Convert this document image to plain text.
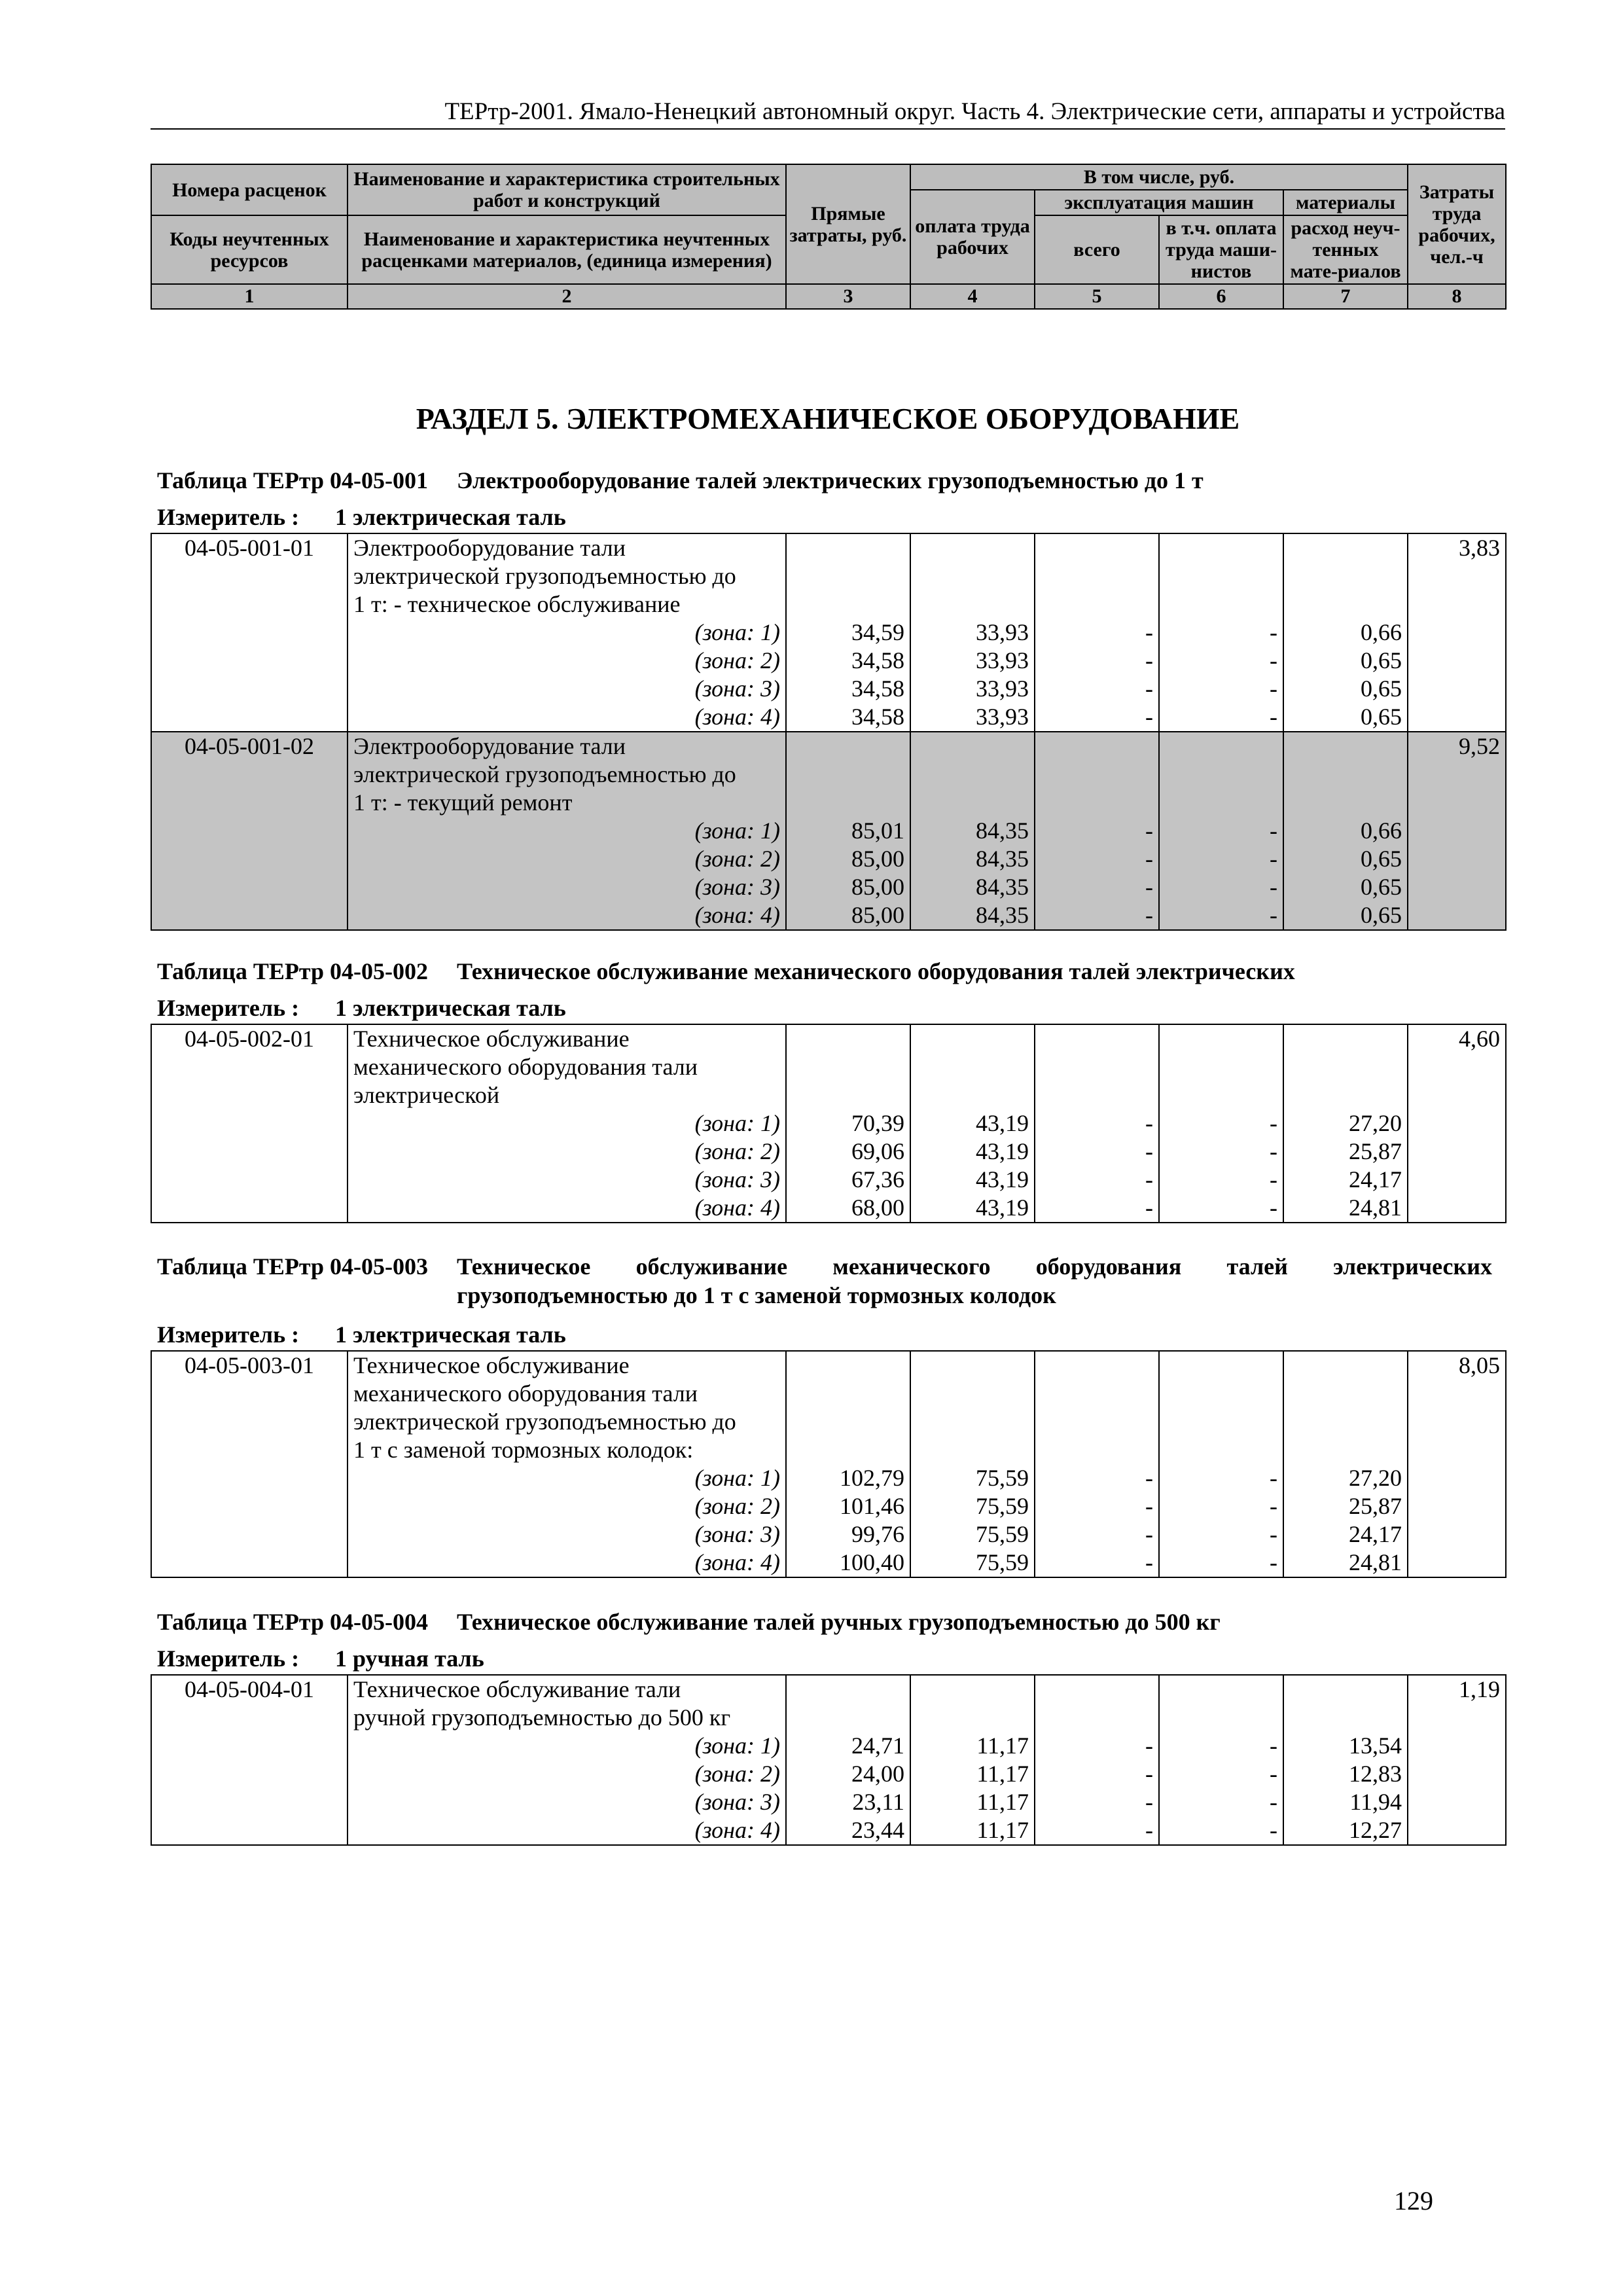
ТЕРтр-2001. Ямало-Ненецкий автономный округ. Часть 4. Электрические сети, аппараты и устройства
Номера расценок	Наименование и характеристика строительных работ и конструкций	Прямые затраты, руб.	В том числе, руб.				Затраты труда рабочих, чел.-ч
			оплата труда рабочих	эксплуатация машин		материалы	
Коды неучтенных ресурсов	Наименование и характеристика неучтенных расценками материалов, (единица измерения)			всего	в т.ч. оплата труда маши-нистов	расход неуч-тенных мате-риалов	

1	2	3	4	5	6	7	8
РАЗДЕЛ 5. ЭЛЕКТРОМЕХАНИЧЕСКОЕ ОБОРУДОВАНИЕ
Таблица ТЕРтр 04-05-001 Электрооборудование талей электрических грузоподъемностью до 1 т
Измеритель :	1 электрическая таль
04-05-001-01	Электрооборудование тали						3,83
	электрической грузоподъемностью до						
	1 т: - техническое обслуживание						
	(зона: 1)	34,59	33,93	-	-	0,66	
	(зона: 2)	34,58	33,93	-	-	0,65	
	(зона: 3)	34,58	33,93	-	-	0,65	
	(зона: 4)	34,58	33,93	-	-	0,65	
04-05-001-02	Электрооборудование тали						9,52
	электрической грузоподъемностью до						
	1 т: - текущий ремонт						
	(зона: 1)	85,01	84,35	-	-	0,66	
	(зона: 2)	85,00	84,35	-	-	0,65	
	(зона: 3)	85,00	84,35	-	-	0,65	
	(зона: 4)	85,00	84,35	-	-	0,65	
Таблица ТЕРтр 04-05-002 Техническое обслуживание механического оборудования талей электрических
Измеритель :	1 электрическая таль
04-05-002-01	Техническое обслуживание						4,60
	механического оборудования тали						
	электрической						
	(зона: 1)	70,39	43,19	-	-	27,20	
	(зона: 2)	69,06	43,19	-	-	25,87	
	(зона: 3)	67,36	43,19	-	-	24,17	
	(зона: 4)	68,00	43,19	-	-	24,81	
Таблица ТЕРтр 04-05-003 Техническое обслуживание механического оборудования талей электрических грузоподъемностью до 1 т с заменой тормозных колодок
Измеритель :	1 электрическая таль
04-05-003-01	Техническое обслуживание						8,05
	механического оборудования тали						
	электрической грузоподъемностью до						
	1 т с заменой тормозных колодок:						
	(зона: 1)	102,79	75,59	-	-	27,20	
	(зона: 2)	101,46	75,59	-	-	25,87	
	(зона: 3)	99,76	75,59	-	-	24,17	
	(зона: 4)	100,40	75,59	-	-	24,81	
Таблица ТЕРтр 04-05-004 Техническое обслуживание талей ручных грузоподъемностью до 500 кг
Измеритель :	1 ручная таль
04-05-004-01	Техническое обслуживание тали						1,19
	ручной грузоподъемностью до 500 кг						
	(зона: 1)	24,71	11,17	-	-	13,54	
	(зона: 2)	24,00	11,17	-	-	12,83	
	(зона: 3)	23,11	11,17	-	-	11,94	
	(зона: 4)	23,44	11,17	-	-	12,27	
129
